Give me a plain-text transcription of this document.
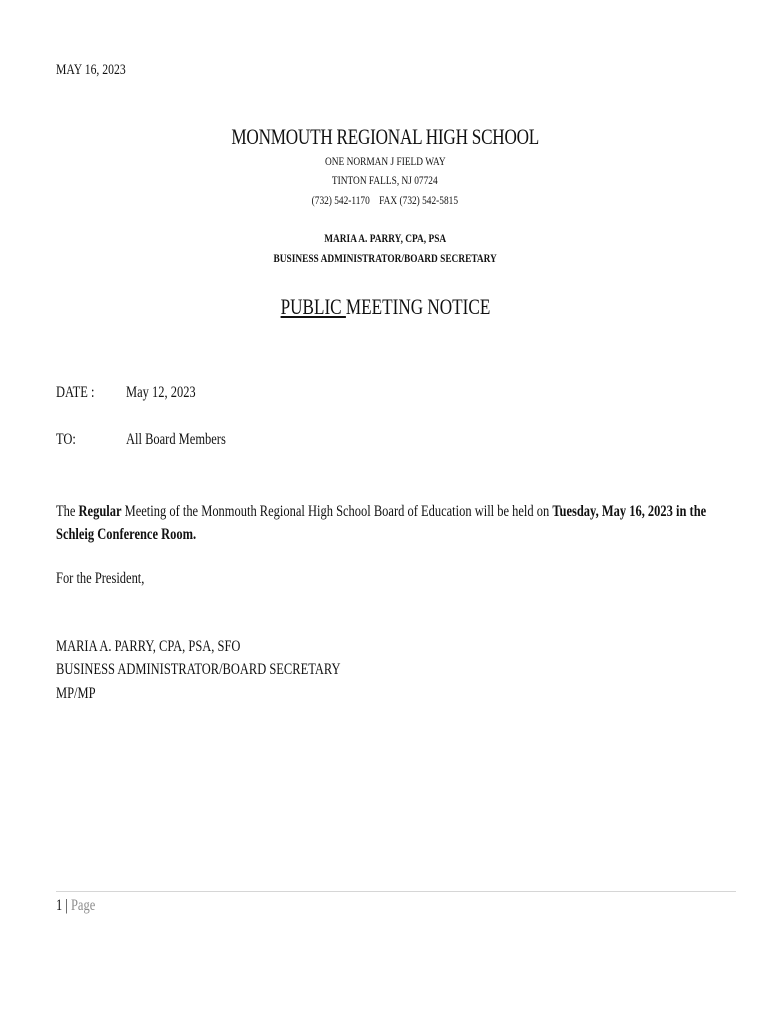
MAY 16, 2023
MONMOUTH REGIONAL HIGH SCHOOL
ONE NORMAN J FIELD WAY
TINTON FALLS, NJ 07724
(732) 542-1170    FAX (732) 542-5815
MARIA A. PARRY, CPA, PSA
BUSINESS ADMINISTRATOR/BOARD SECRETARY
PUBLIC MEETING NOTICE
DATE :	May 12, 2023
TO:	All Board Members
The Regular Meeting of the Monmouth Regional High School Board of Education will be held on Tuesday, May 16, 2023 in the Schleig Conference Room.
For the President,
MARIA A. PARRY, CPA, PSA, SFO
BUSINESS ADMINISTRATOR/BOARD SECRETARY
MP/MP
1 | Page
